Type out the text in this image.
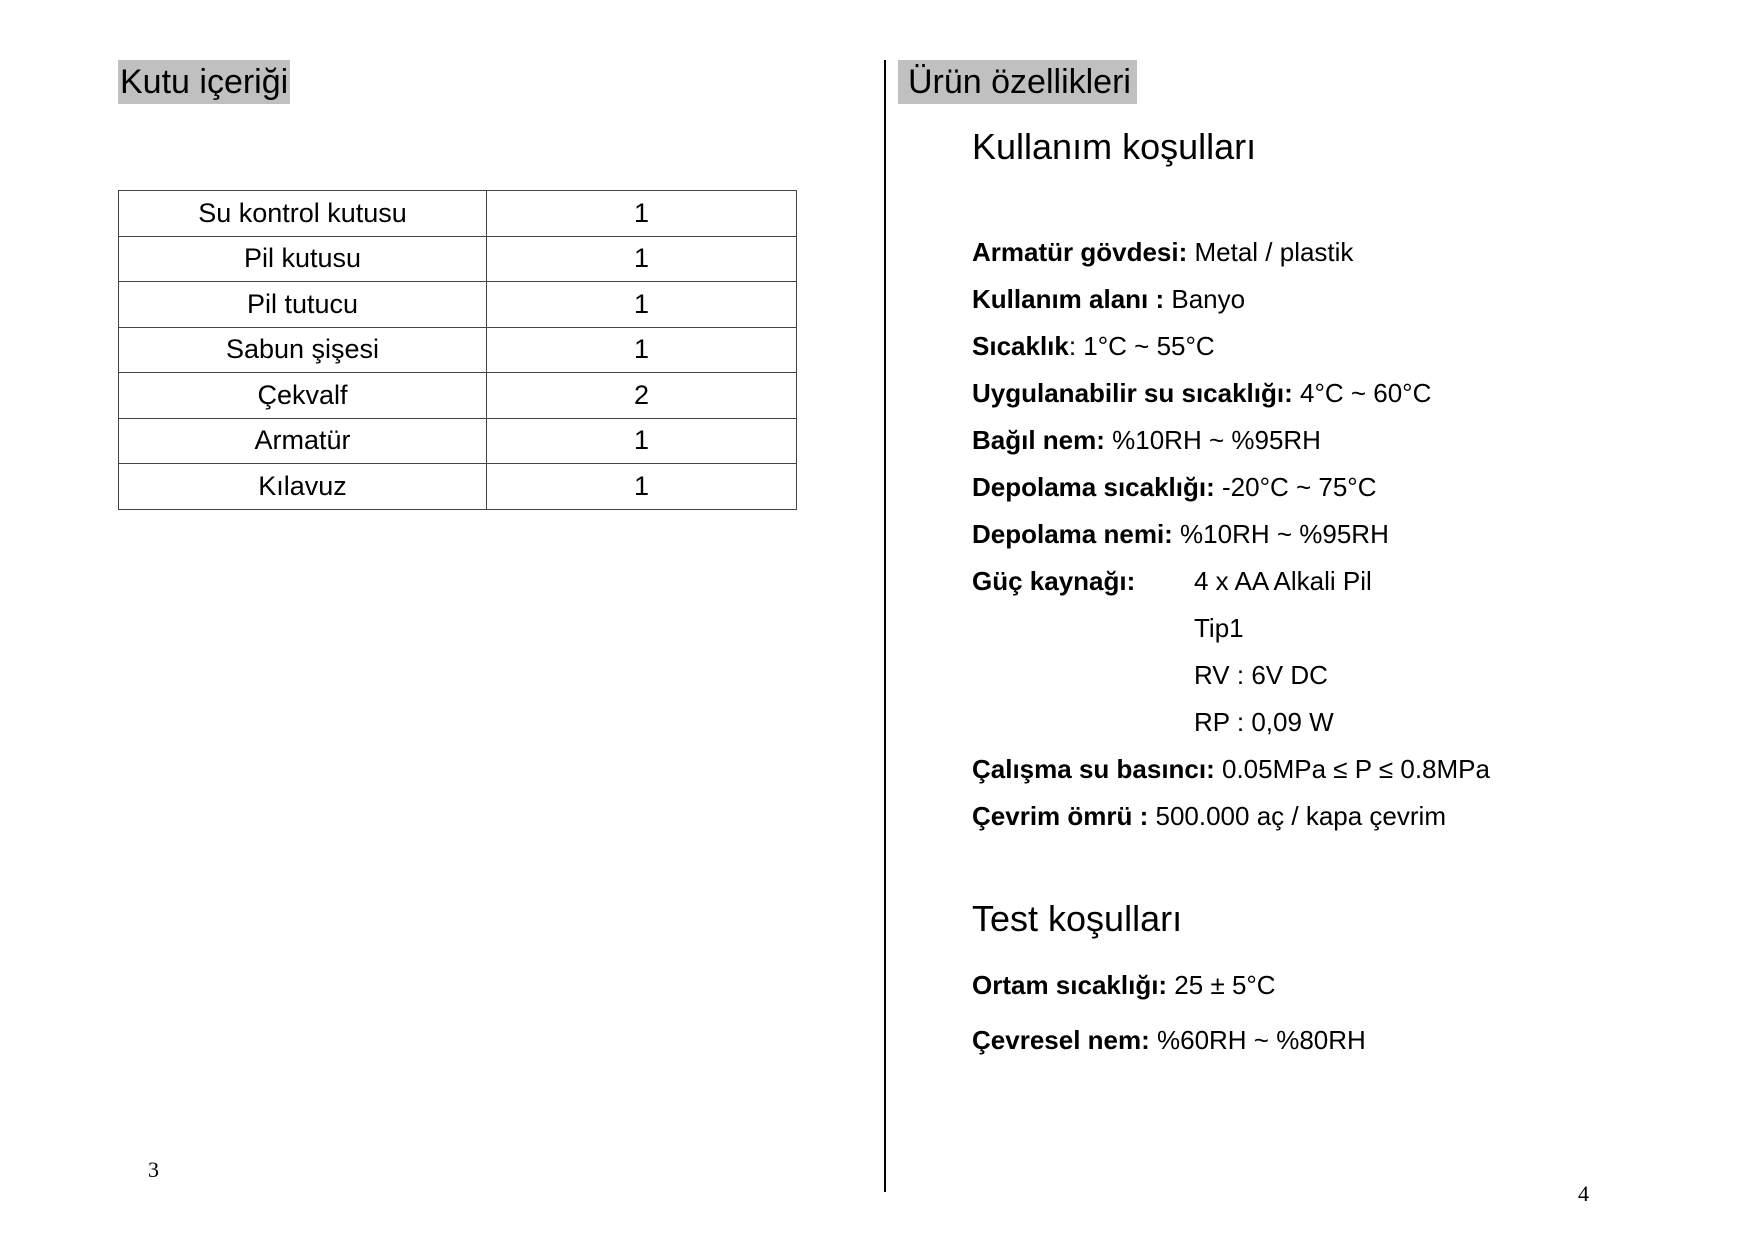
Kutu içeriği
Su kontrol kutusu	1
Pil kutusu	1
Pil tutucu	1
Sabun şişesi	1
Çekvalf	2
Armatür	1
Kılavuz	1
3
Ürün özellikleri
Kullanım koşulları
Armatür gövdesi: Metal / plastik
Kullanım alanı : Banyo
Sıcaklık: 1°C ~ 55°C
Uygulanabilir su sıcaklığı: 4°C ~ 60°C
Bağıl nem: %10RH ~ %95RH
Depolama sıcaklığı: -20°C ~ 75°C
Depolama nemi: %10RH ~ %95RH
Güç kaynağı: 4 x AA Alkali Pil
Tip1
RV : 6V DC
RP : 0,09 W
Çalışma su basıncı: 0.05MPa ≤ P ≤ 0.8MPa
Çevrim ömrü : 500.000 aç / kapa çevrim
Test koşulları
Ortam sıcaklığı: 25 ± 5°C
Çevresel nem: %60RH ~ %80RH
4
